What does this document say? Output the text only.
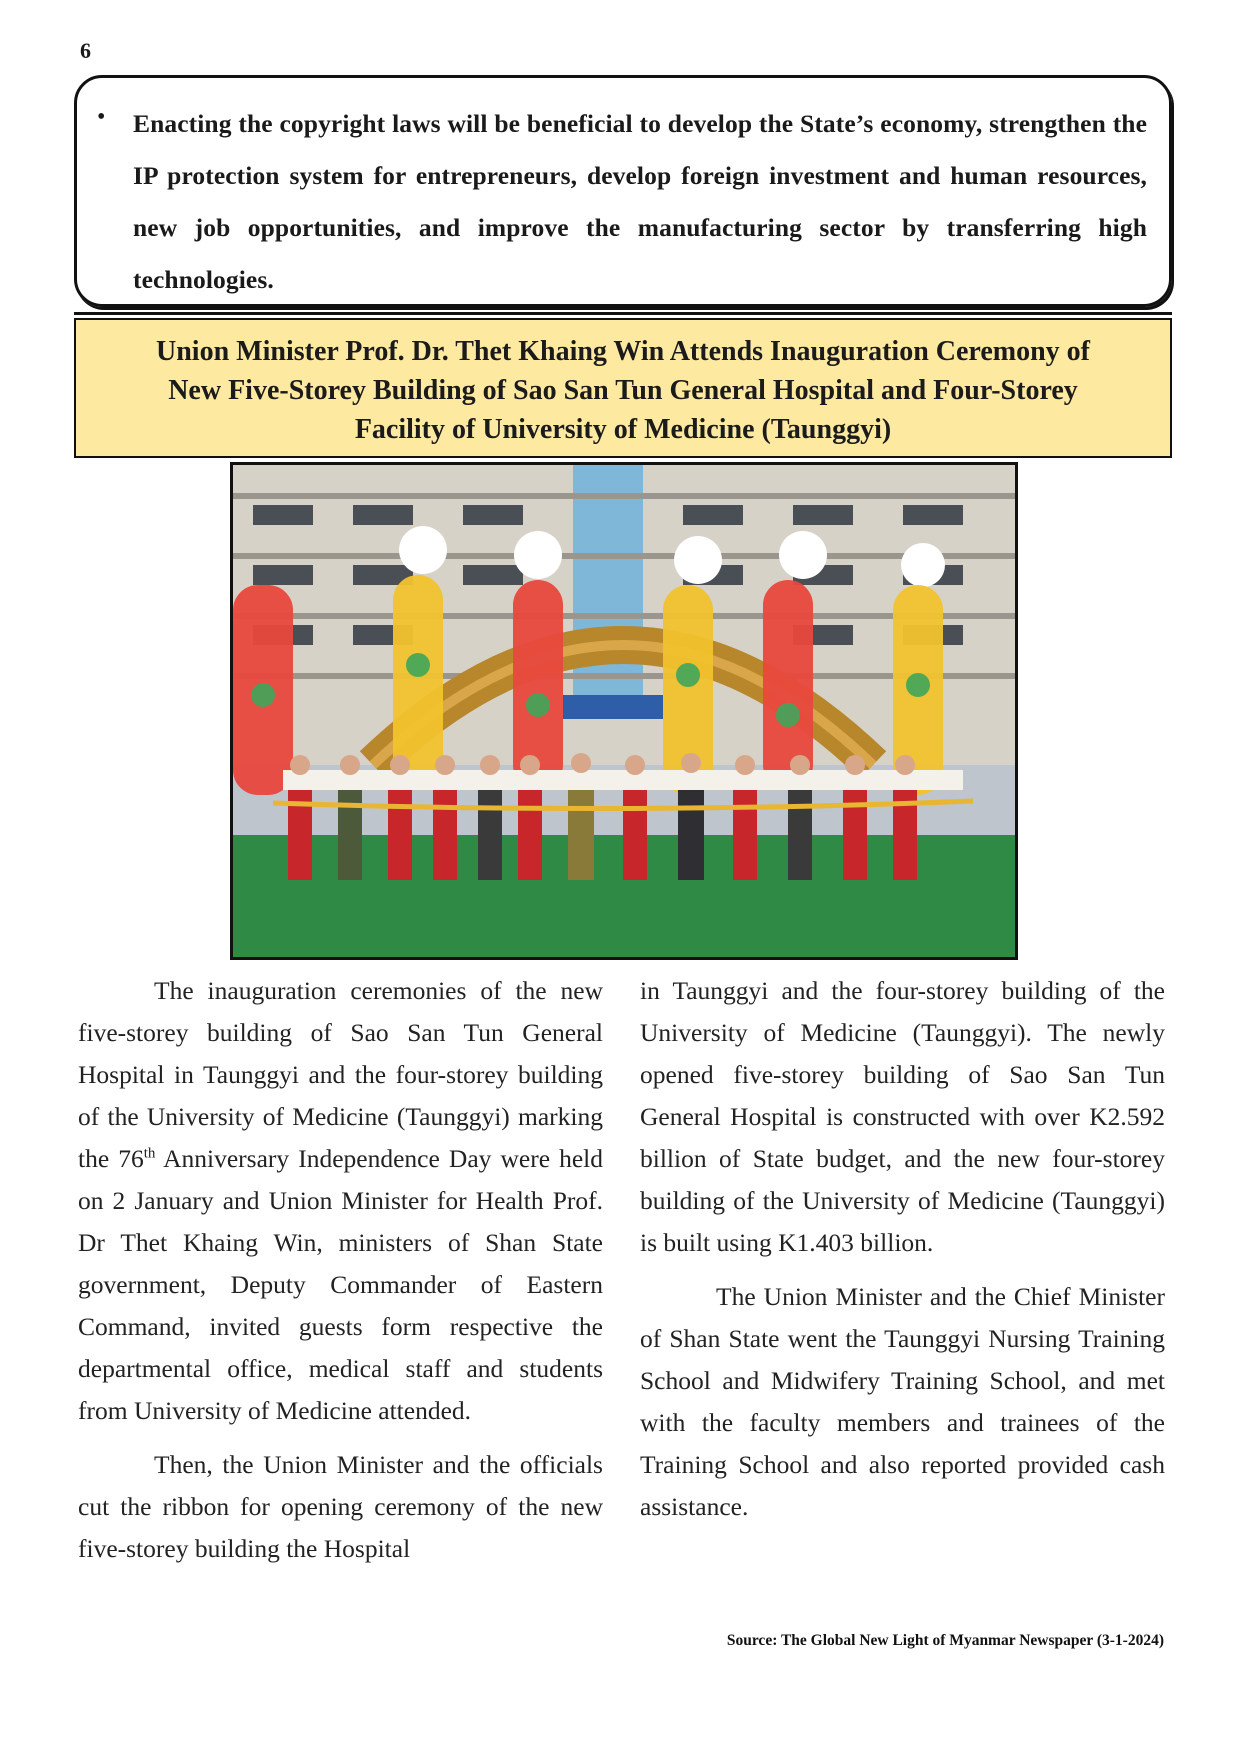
6
• Enacting the copyright laws will be beneficial to develop the State’s economy, strengthen the IP protection system for entrepreneurs, develop foreign investment and human resources, new job opportunities, and improve the manufacturing sector by transferring high technologies.

Union Minister Prof. Dr. Thet Khaing Win Attends Inauguration Ceremony of
New Five-Storey Building of Sao San Tun General Hospital and Four-Storey
Facility of University of Medicine (Taunggyi)

The inauguration ceremonies of the new five-storey building of Sao San Tun General Hospital in Taunggyi and the four-storey building of the University of Medicine (Taunggyi) marking the 76th Anniversary Independence Day were held on 2 January and Union Minister for Health Prof. Dr Thet Khaing Win, ministers of Shan State government, Deputy Commander of Eastern Command, invited guests form respective the departmental office, medical staff and students from University of Medicine attended.

Then, the Union Minister and the officials cut the ribbon for opening ceremony of the new five-storey building the Hospital

in Taunggyi and the four-storey building of the University of Medicine (Taunggyi). The newly opened five-storey building of Sao San Tun General Hospital is constructed with over K2.592 billion of State budget, and the new four-storey building of the University of Medicine (Taunggyi) is built using K1.403 billion.

The Union Minister and the Chief Minister of Shan State went the Taunggyi Nursing Training School and Midwifery Training School, and met with the faculty members and trainees of the Training School and also reported provided cash assistance.

Source: The Global New Light of Myanmar Newspaper (3-1-2024)
